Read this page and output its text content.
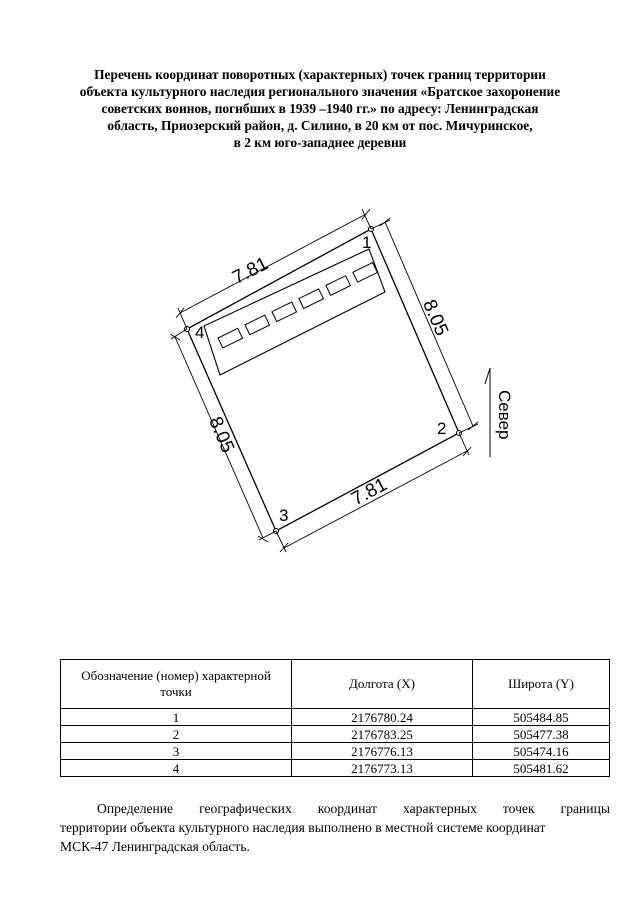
Перечень координат поворотных (характерных) точек границ территории
объекта культурного наследия регионального значения «Братское захоронение
советских воинов, погибших в 1939 –1940 гг.» по адресу: Ленинградская
область, Приозерский район, д. Силино, в 20 км от пос. Мичуринское,
в 2 км юго-западнее деревни
7.81
8.05
8.05
7.81
1
2
3
4
Север
Обозначение (номер) характерной точки	Долгота (X)	Широта (Y)
1	2176780.24	505484.85
2	2176783.25	505477.38
3	2176776.13	505474.16
4	2176773.13	505481.62
Определение географических координат характерных точек границы
территории объекта культурного наследия выполнено в местной системе координат
МСК-47 Ленинградская область.
